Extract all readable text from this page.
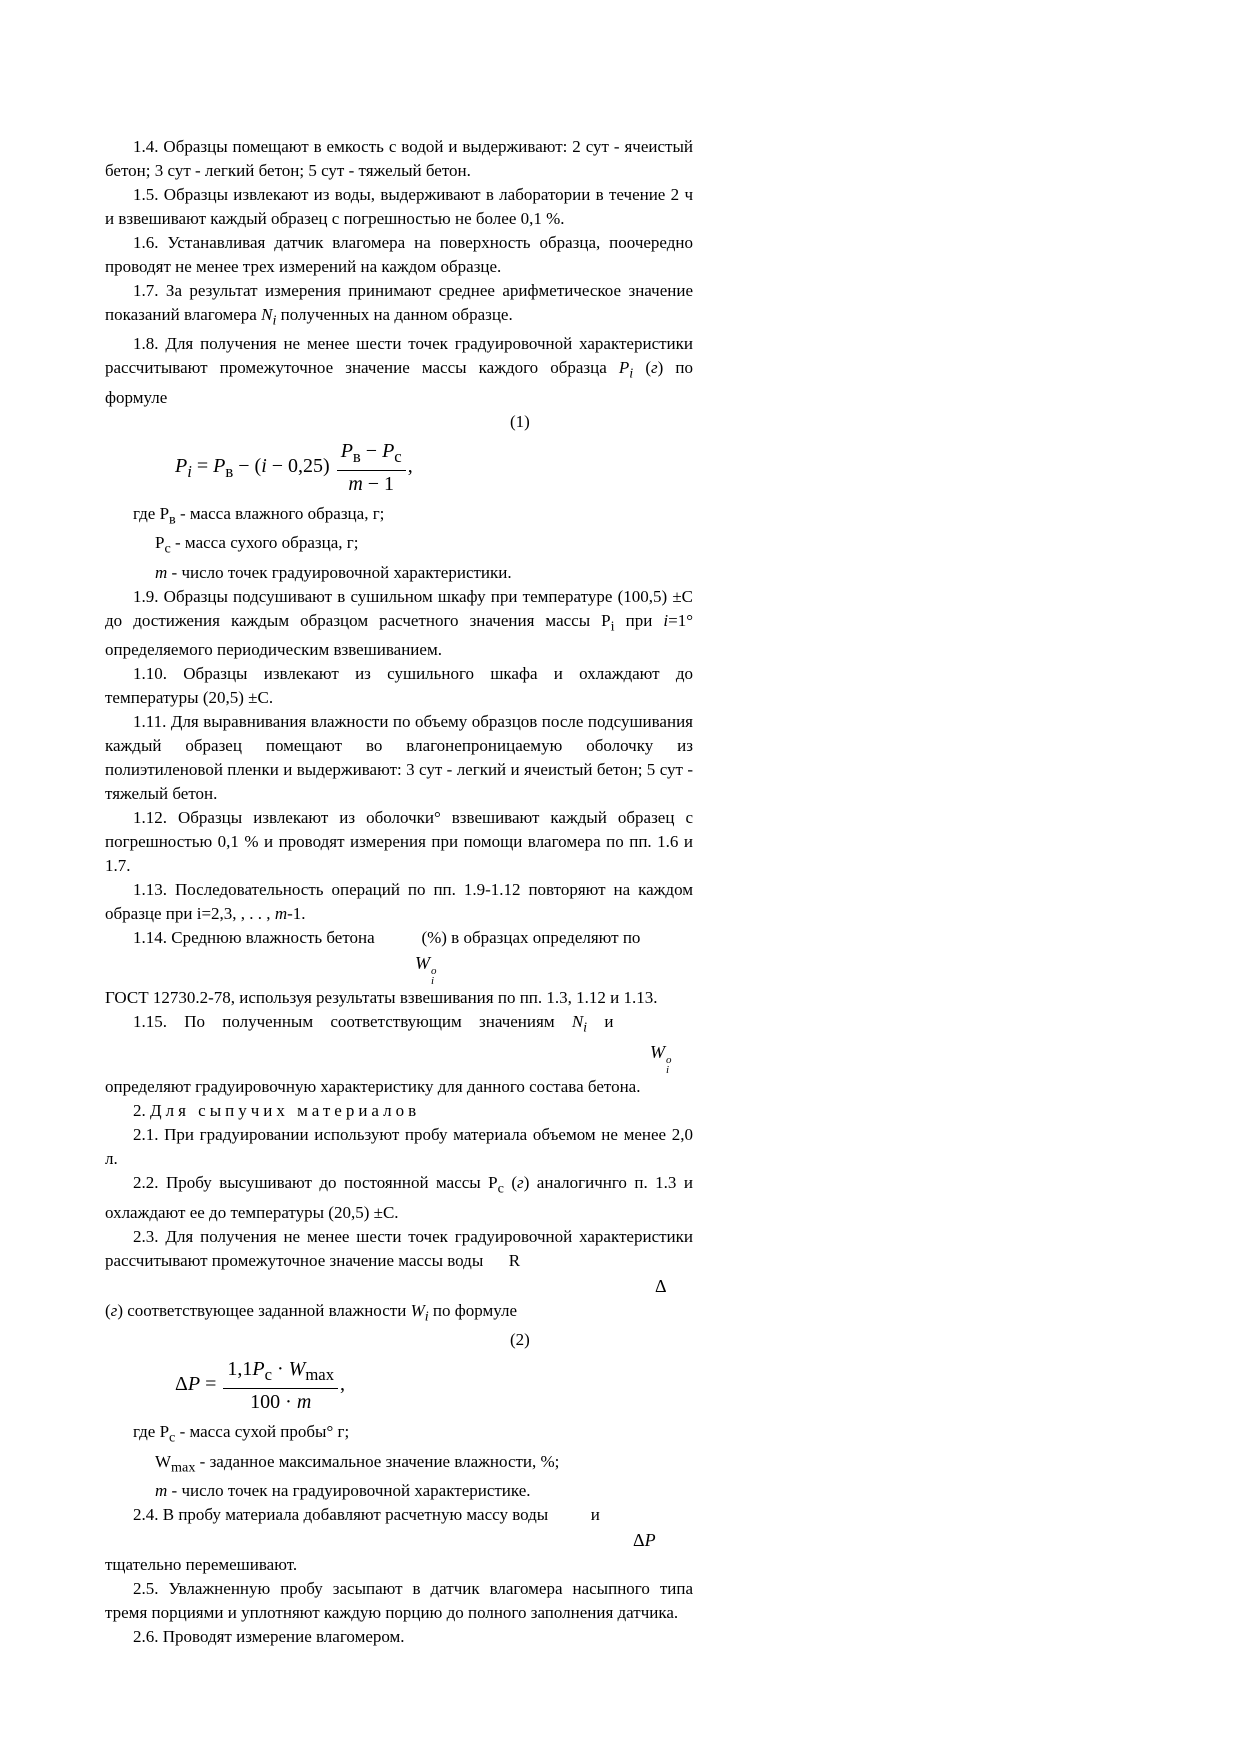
1.4. Образцы помещают в емкость с водой и выдерживают: 2 сут - ячеистый бетон; 3 сут - легкий бетон; 5 сут - тяжелый бетон.

1.5. Образцы извлекают из воды, выдерживают в лаборатории в течение 2 ч и взвешивают каждый образец с погрешностью не более 0,1 %.

1.6. Устанавливая датчик влагомера на поверхность образца, поочередно проводят не менее трех измерений на каждом образце.

1.7. За результат измерения принимают среднее арифметическое значение показаний влагомера $N_i$ полученных на данном образце.

1.8. Для получения не менее шести точек градуировочной характеристики рассчитывают промежуточное значение массы каждого образца $P_i$ (г) по формуле

(1)

$P_i = P_в - (i - 0,25) \frac{P_в - P_с}{m - 1}$ ,

где $Р_в$ - масса влажного образца, г;

$Р_с$ - масса сухого образца, г;

m - число точек градуировочной характеристики.

1.9. Образцы подсушивают в сушильном шкафу при температуре (100,5) ±С до достижения каждым образцом расчетного значения массы $Р_i$ при i=1° определяемого периодическим взвешиванием.

1.10. Образцы извлекают из сушильного шкафа и охлаждают до температуры (20,5) ±С.

1.11. Для выравнивания влажности по объему образцов после подсушивания каждый образец помещают во влагонепроницаемую оболочку из полиэтиленовой пленки и выдерживают: 3 сут - легкий и ячеистый бетон; 5 сут - тяжелый бетон.

1.12. Образцы извлекают из оболочки° взвешивают каждый образец с погрешностью 0,1 % и проводят измерения при помощи влагомера по пп. 1.6 и 1.7.

1.13. Последовательность операций по пп. 1.9-1.12 повторяют на каждом образце при i=2,3, , . . , m-1.

1.14. Среднюю влажность бетона           (%) в образцах определяют по

W o
i

ГОСТ 12730.2-78, используя результаты взвешивания по пп. 1.3, 1.12 и 1.13.

1.15. По полученным соответствующим значениям $N_i$ и

W o
i

определяют градуировочную характеристику для данного состава бетона.

2. Для сыпучих материалов

2.1. При градуировании используют пробу материала объемом не менее 2,0 л.

2.2. Пробу высушивают до постоянной массы $Р_с$ (г) аналогичнго п. 1.3 и охлаждают ее до температуры (20,5) ±С.

2.3. Для получения не менее шести точек градуировочной характеристики рассчитывают промежуточное значение массы воды      R

Δ

(г) соответствующее заданной влажности $W_i$ по формуле

(2)

$\Delta P = \frac{1,1P_с \cdot W_{max}}{100 \cdot m}$ ,

где $Р_с$ - масса сухой пробы° г;

$W_{max}$ - заданное максимальное значение влажности, %;

m - число точек на градуировочной характеристике.

2.4. В пробу материала добавляют расчетную массу воды          и

ΔP

тщательно перемешивают.

2.5. Увлажненную пробу засыпают в датчик влагомера насыпного типа тремя порциями и уплотняют каждую порцию до полного заполнения датчика.

2.6. Проводят измерение влагомером.
